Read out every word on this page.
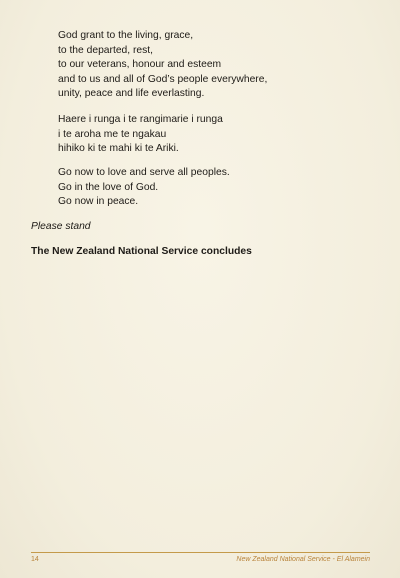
God grant to the living, grace,
to the departed, rest,
to our veterans, honour and esteem
and to us and all of God’s people everywhere,
unity, peace and life everlasting.
Haere i runga i te rangimarie i runga
i te aroha me te ngakau
hihiko ki te mahi ki te Ariki.
Go now to love and serve all peoples.
Go in the love of God.
Go now in peace.
Please stand
The New Zealand National Service concludes
14	New Zealand National Service - El Alamein
